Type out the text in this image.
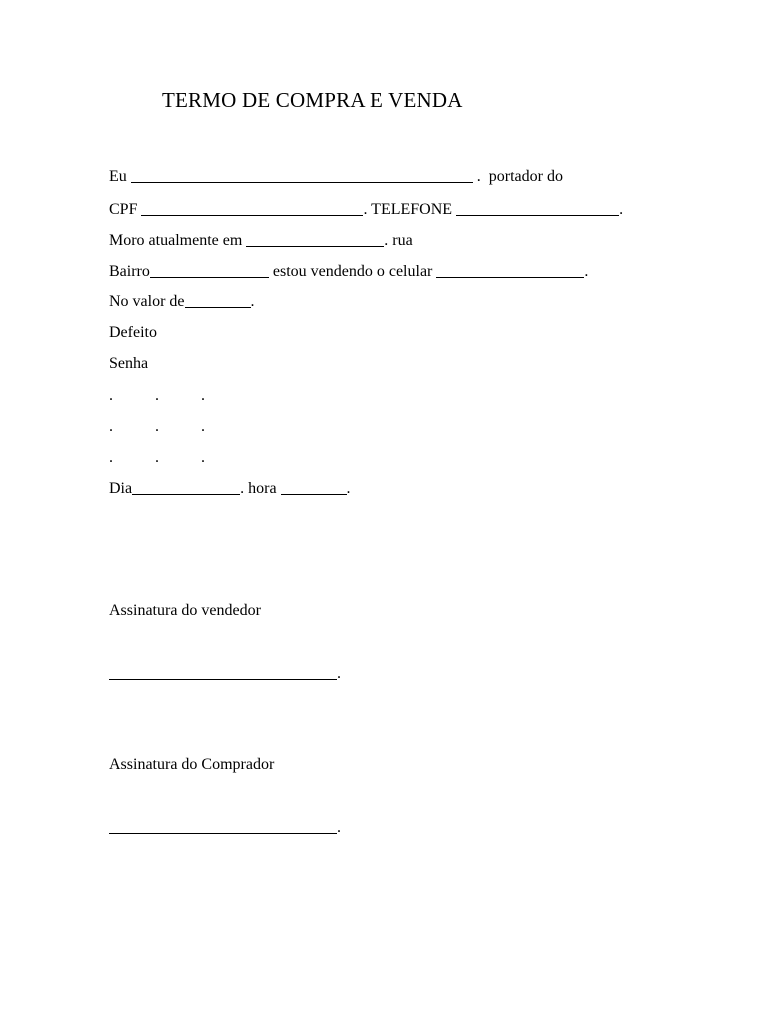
TERMO DE COMPRA E VENDA
Eu	. portador do
CPF	. TELEFONE	.
Moro atualmente em	. rua
Bairro	estou vendendo o celular	.
No valor de	.
Defeito
Senha
.	.	.
.	.	.
.	.	.
Dia	. hora	.
Assinatura do vendedor
.
Assinatura do Comprador
.
